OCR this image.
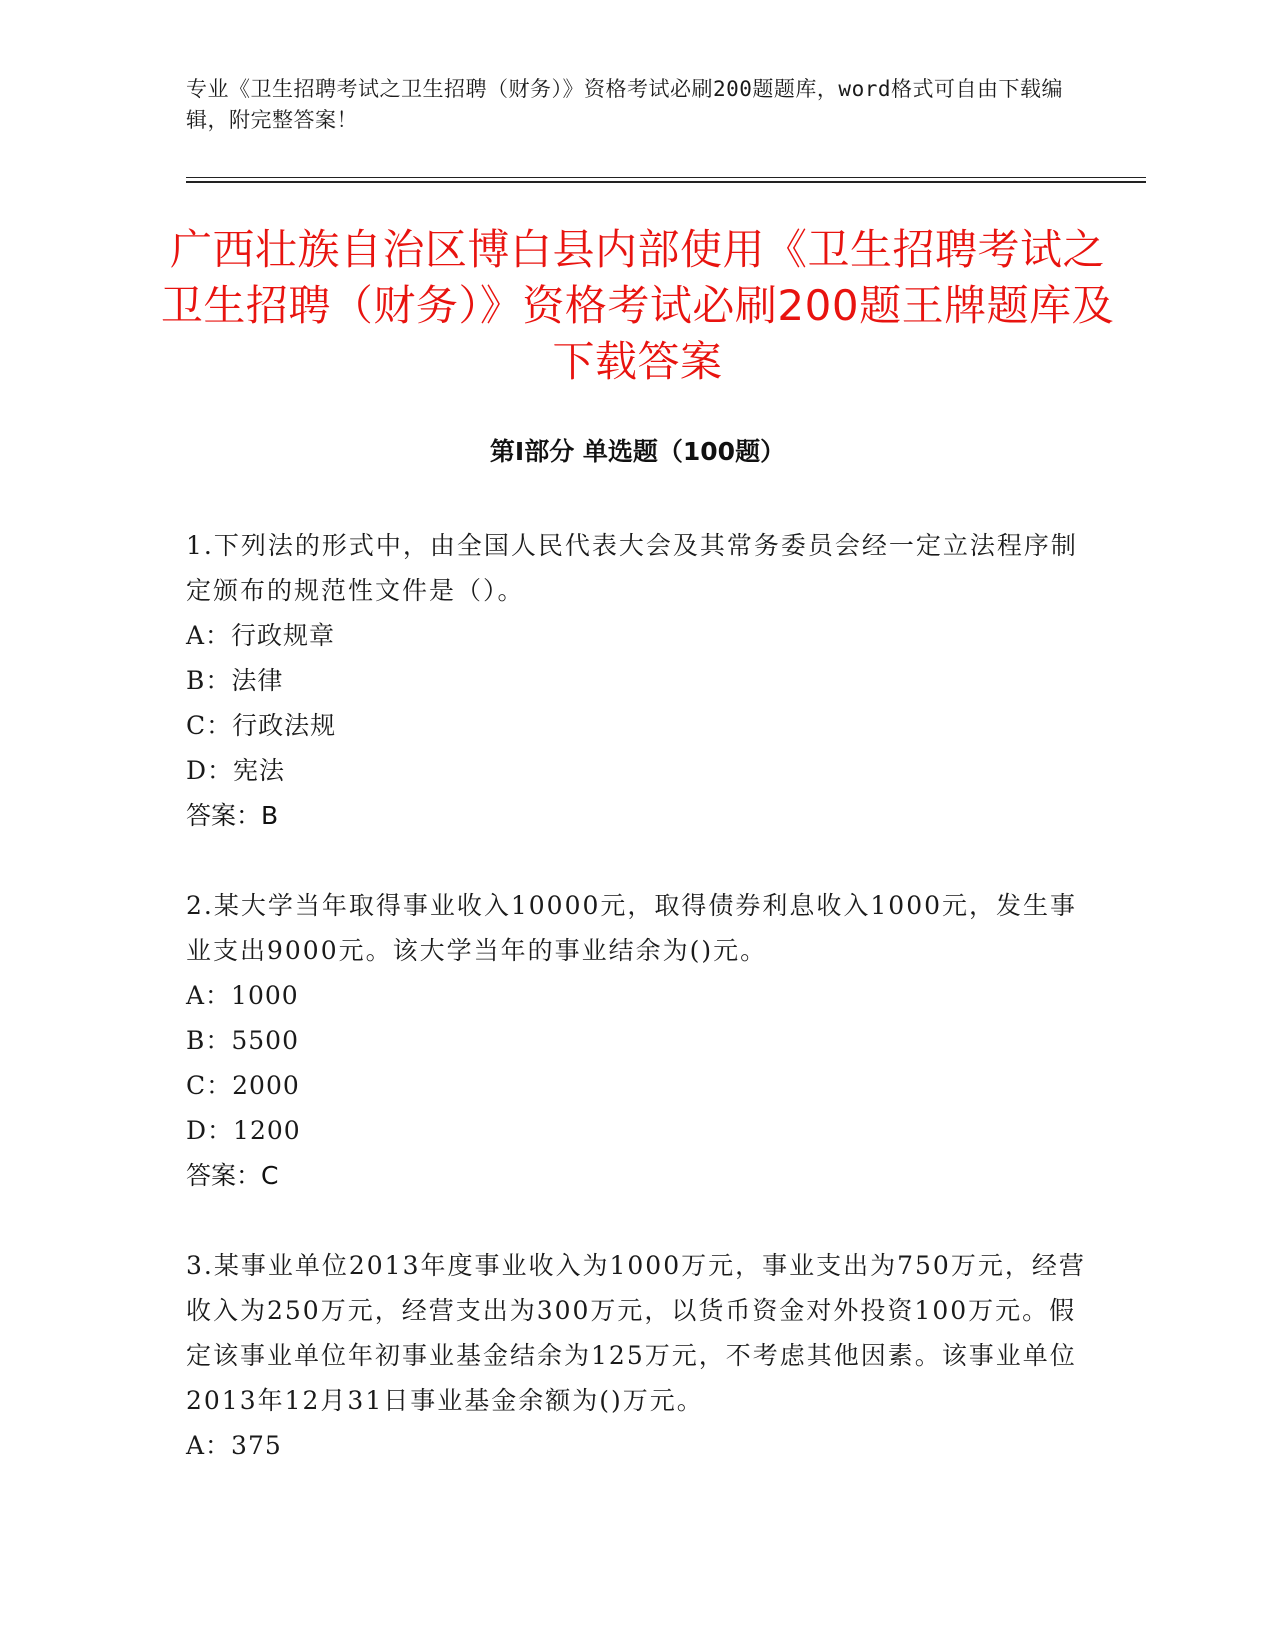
专业《卫生招聘考试之卫生招聘（财务）》资格考试必刷200题题库，word格式可自由下载编辑，附完整答案！
广西壮族自治区博白县内部使用《卫生招聘考试之卫生招聘（财务）》资格考试必刷200题王牌题库及下载答案
第Ⅰ部分 单选题（100题）
1.下列法的形式中，由全国人民代表大会及其常务委员会经一定立法程序制定颁布的规范性文件是（）。
A：行政规章
B：法律
C：行政法规
D：宪法
答案：B
2.某大学当年取得事业收入10000元，取得债券利息收入1000元，发生事业支出9000元。该大学当年的事业结余为()元。
A：1000
B：5500
C：2000
D：1200
答案：C
3.某事业单位2013年度事业收入为1000万元，事业支出为750万元，经营收入为250万元，经营支出为300万元，以货币资金对外投资100万元。假定该事业单位年初事业基金结余为125万元，不考虑其他因素。该事业单位2013年12月31日事业基金余额为()万元。
A：375
